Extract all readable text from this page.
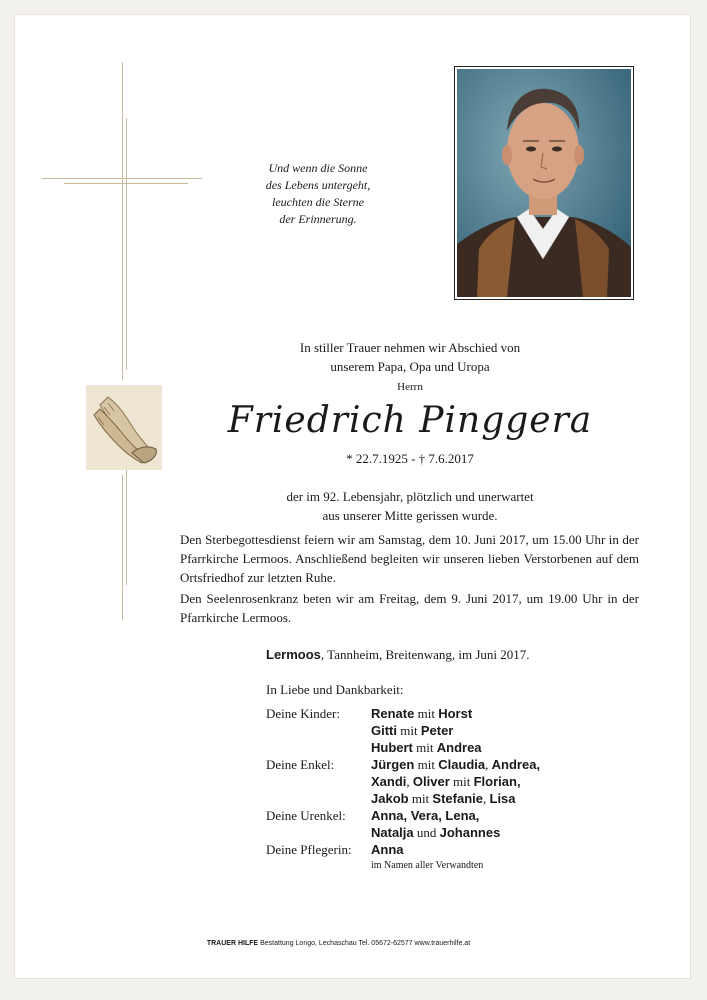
Und wenn die Sonne
des Lebens untergeht,
leuchten die Sterne
der Erinnerung.
In stiller Trauer nehmen wir Abschied von
unserem Papa, Opa und Uropa
Herrn
Friedrich Pinggera
* 22.7.1925 - † 7.6.2017
der im 92. Lebensjahr, plötzlich und unerwartet
aus unserer Mitte gerissen wurde.
Den Sterbegottesdienst feiern wir am Samstag, dem 10. Juni 2017, um 15.00 Uhr in der Pfarrkirche Lermoos. Anschließend begleiten wir unseren lieben Verstorbenen auf dem Ortsfriedhof zur letzten Ruhe.
Den Seelenrosenkranz beten wir am Freitag, dem 9. Juni 2017, um 19.00 Uhr in der Pfarrkirche Lermoos.
Lermoos, Tannheim, Breitenwang, im Juni 2017.
In Liebe und Dankbarkeit:
Deine Kinder:	Renate mit Horst
Gitti mit Peter
Hubert mit Andrea
Deine Enkel:	Jürgen mit Claudia, Andrea,
Xandi, Oliver mit Florian,
Jakob mit Stefanie, Lisa
Deine Urenkel:	Anna, Vera, Lena,
Natalja und Johannes
Deine Pflegerin:	Anna
im Namen aller Verwandten
TRAUER HILFE Bestattung Longo, Lechaschau Tel. 05672-62577 www.trauerhilfe.at
